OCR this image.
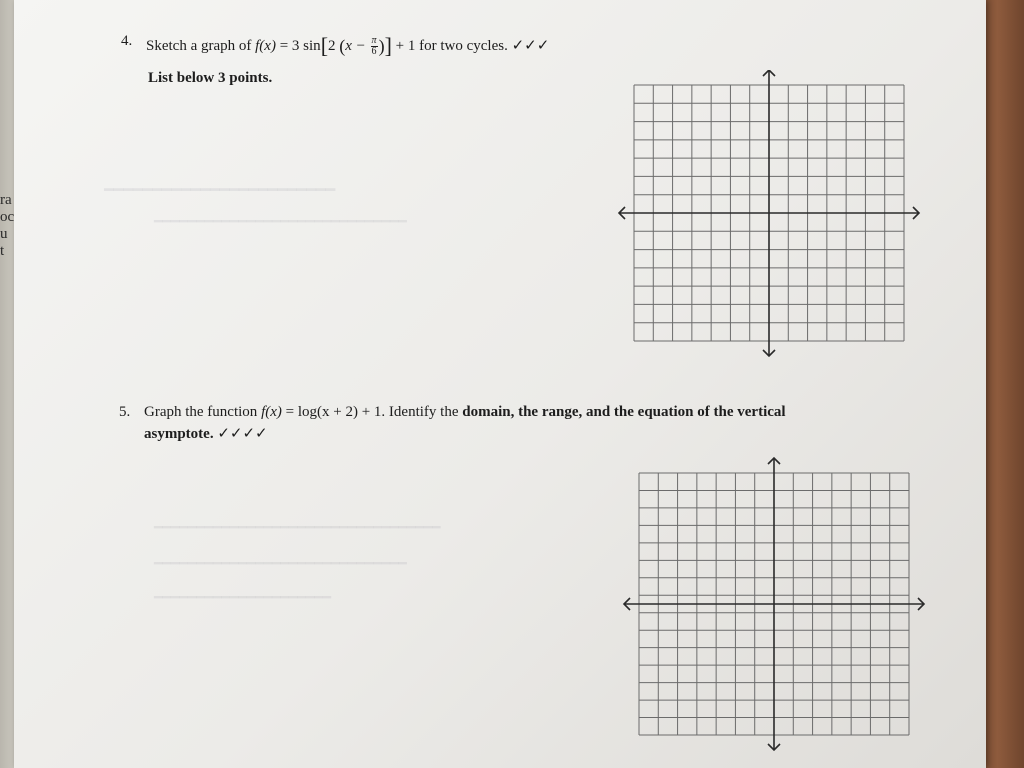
━━━━━━━━━━━━━━━━━━━━━━━━
━━━━━━━━━━━━━━━━━━━━━━━━━━━━━━
━━━━━━━━━━━━━━━━━━━━━━━━━━━━━━━━━━
━━━━━━━━━━━━━━━━━━━━━━━━━━━━━━
━━━━━━━━━━━━━━━━━━━━━
4. Sketch a graph of f(x) = 3 sin[2 ($x - \frac{\pi}{6}$ )] + 1 for two cycles. ✓✓✓
List below 3 points.
5. Graph the function f(x) = log(x + 2) + 1. Identify the domain, the range, and the equation of the vertical
asymptote. ✓✓✓✓
ra
oc
u
t
